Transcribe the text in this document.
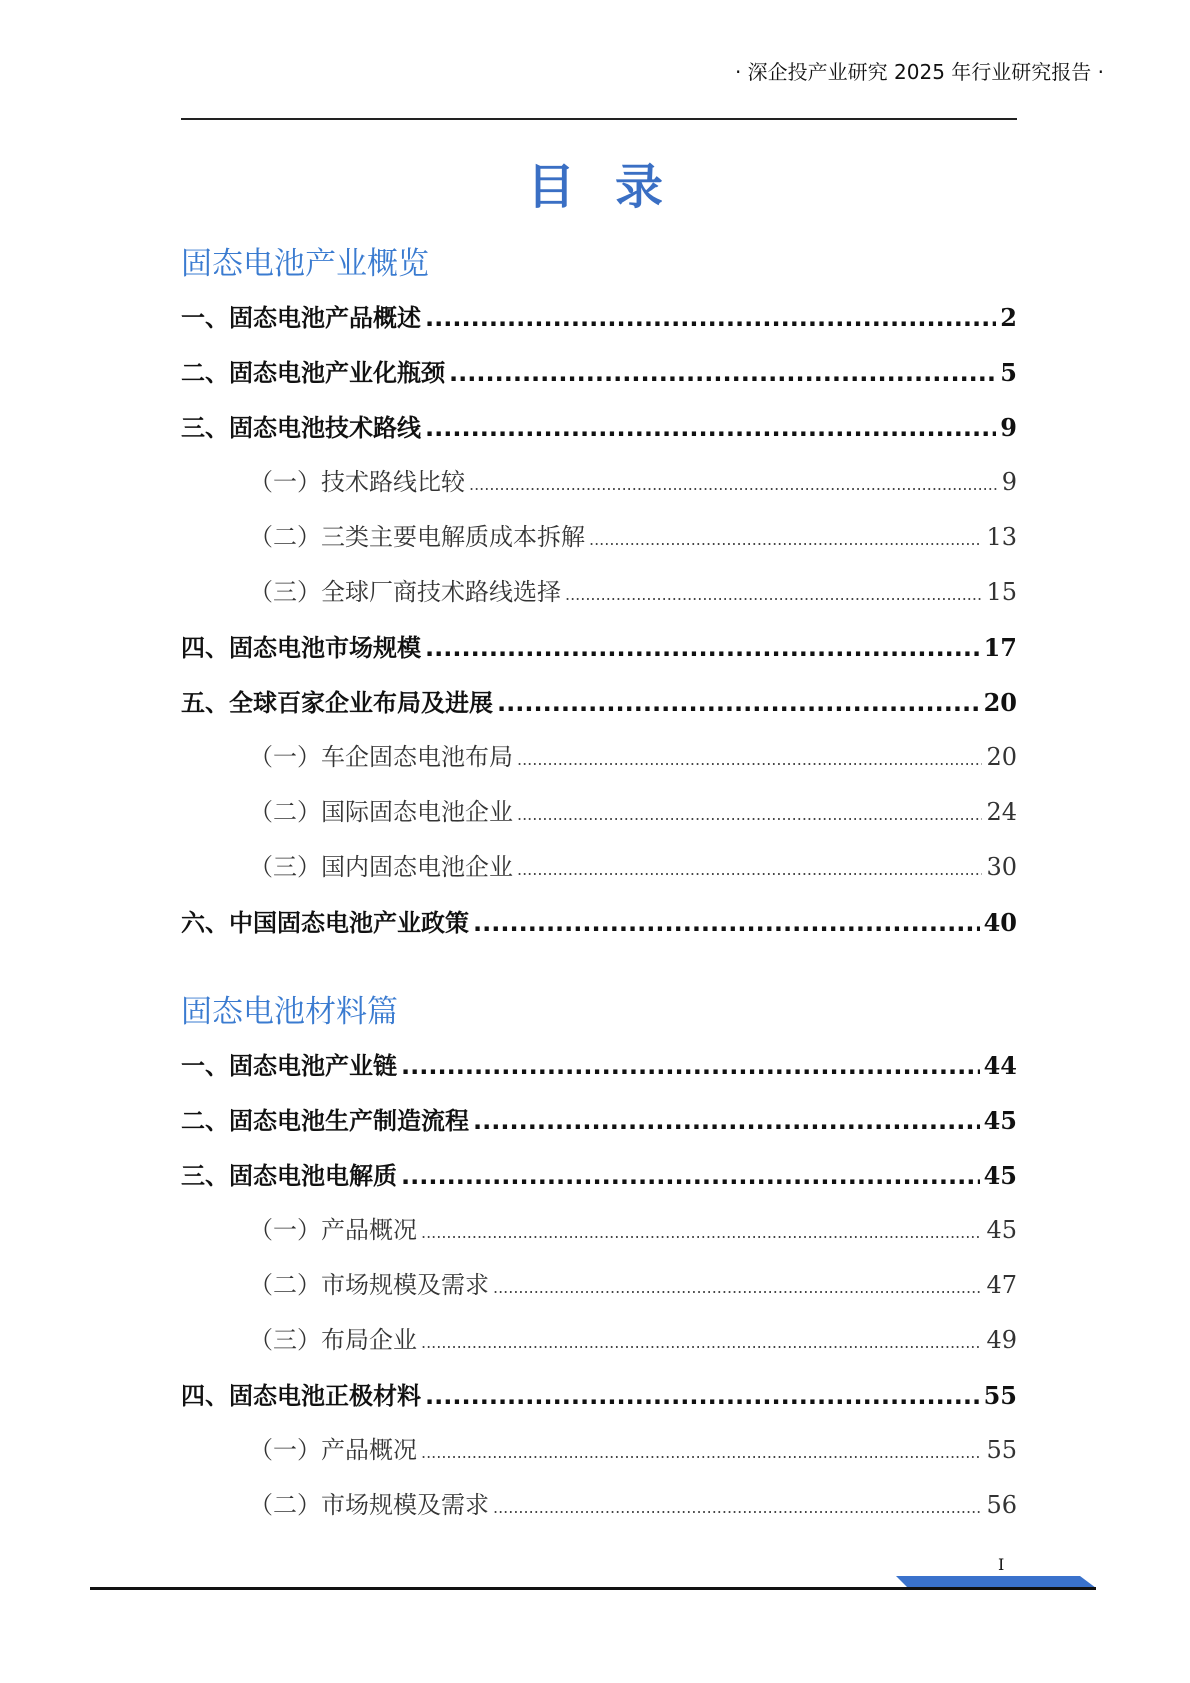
· 深企投产业研究 2025 年行业研究报告 ·
目录
固态电池产业概览
一、固态电池产品概述 .....	2
二、固态电池产业化瓶颈 .....	5
三、固态电池技术路线 .....	9
（一）技术路线比较 .....	9
（二）三类主要电解质成本拆解 .....	13
（三）全球厂商技术路线选择 .....	15
四、固态电池市场规模 .....	17
五、全球百家企业布局及进展 .....	20
（一）车企固态电池布局 .....	20
（二）国际固态电池企业 .....	24
（三）国内固态电池企业 .....	30
六、中国固态电池产业政策 .....	40
固态电池材料篇
一、固态电池产业链 .....	44
二、固态电池生产制造流程 .....	45
三、固态电池电解质 .....	45
（一）产品概况 .....	45
（二）市场规模及需求 .....	47
（三）布局企业 .....	49
四、固态电池正极材料 .....	55
（一）产品概况 .....	55
（二）市场规模及需求 .....	56
I
